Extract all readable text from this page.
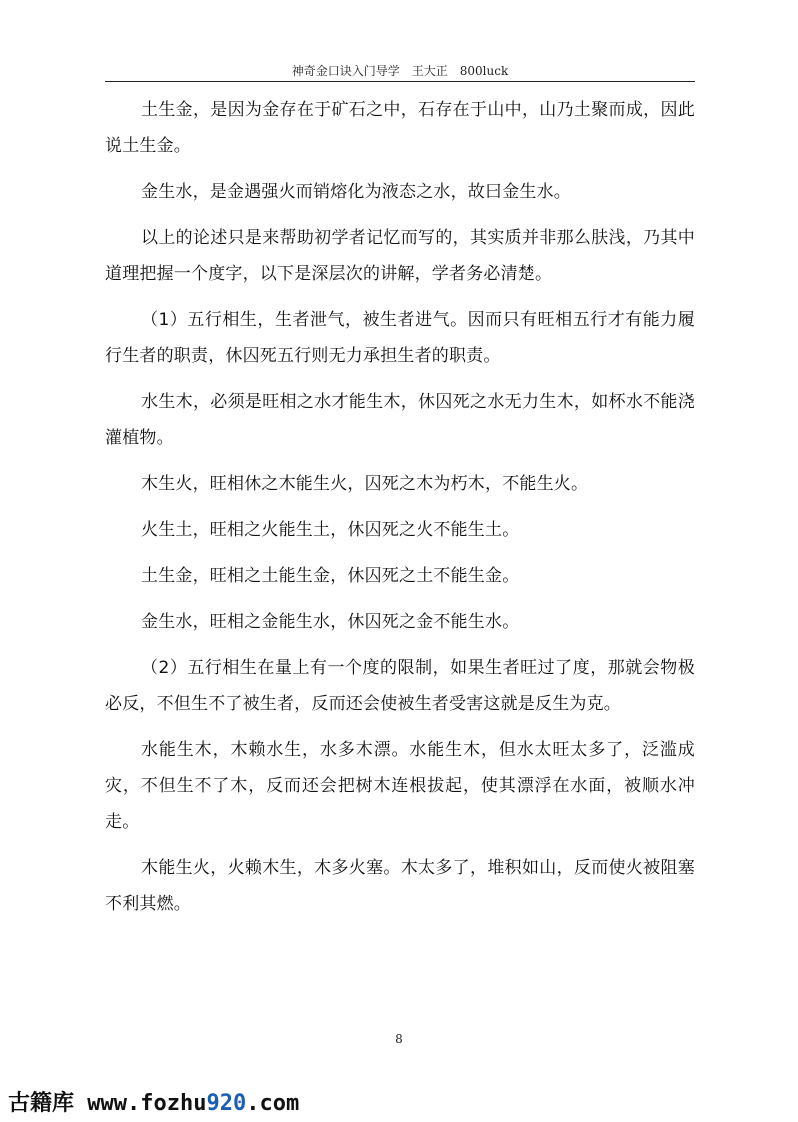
神奇金口诀入门导学　王大正　800luck

土生金，是因为金存在于矿石之中，石存在于山中，山乃土聚而成，因此说土生金。

金生水，是金遇强火而销熔化为液态之水，故曰金生水。

以上的论述只是来帮助初学者记忆而写的，其实质并非那么肤浅，乃其中道理把握一个度字，以下是深层次的讲解，学者务必清楚。

（1）五行相生，生者泄气，被生者进气。因而只有旺相五行才有能力履行生者的职责，休囚死五行则无力承担生者的职责。

水生木，必须是旺相之水才能生木，休囚死之水无力生木，如杯水不能浇灌植物。

木生火，旺相休之木能生火，囚死之木为朽木，不能生火。

火生土，旺相之火能生土，休囚死之火不能生土。

土生金，旺相之土能生金，休囚死之土不能生金。

金生水，旺相之金能生水，休囚死之金不能生水。

（2）五行相生在量上有一个度的限制，如果生者旺过了度，那就会物极必反，不但生不了被生者，反而还会使被生者受害这就是反生为克。

水能生木，木赖水生，水多木漂。水能生木，但水太旺太多了，泛滥成灾，不但生不了木，反而还会把树木连根拔起，使其漂浮在水面，被顺水冲走。

木能生火，火赖木生，木多火塞。木太多了，堆积如山，反而使火被阻塞不利其燃。

8
古籍库 www.fozhu920.com
